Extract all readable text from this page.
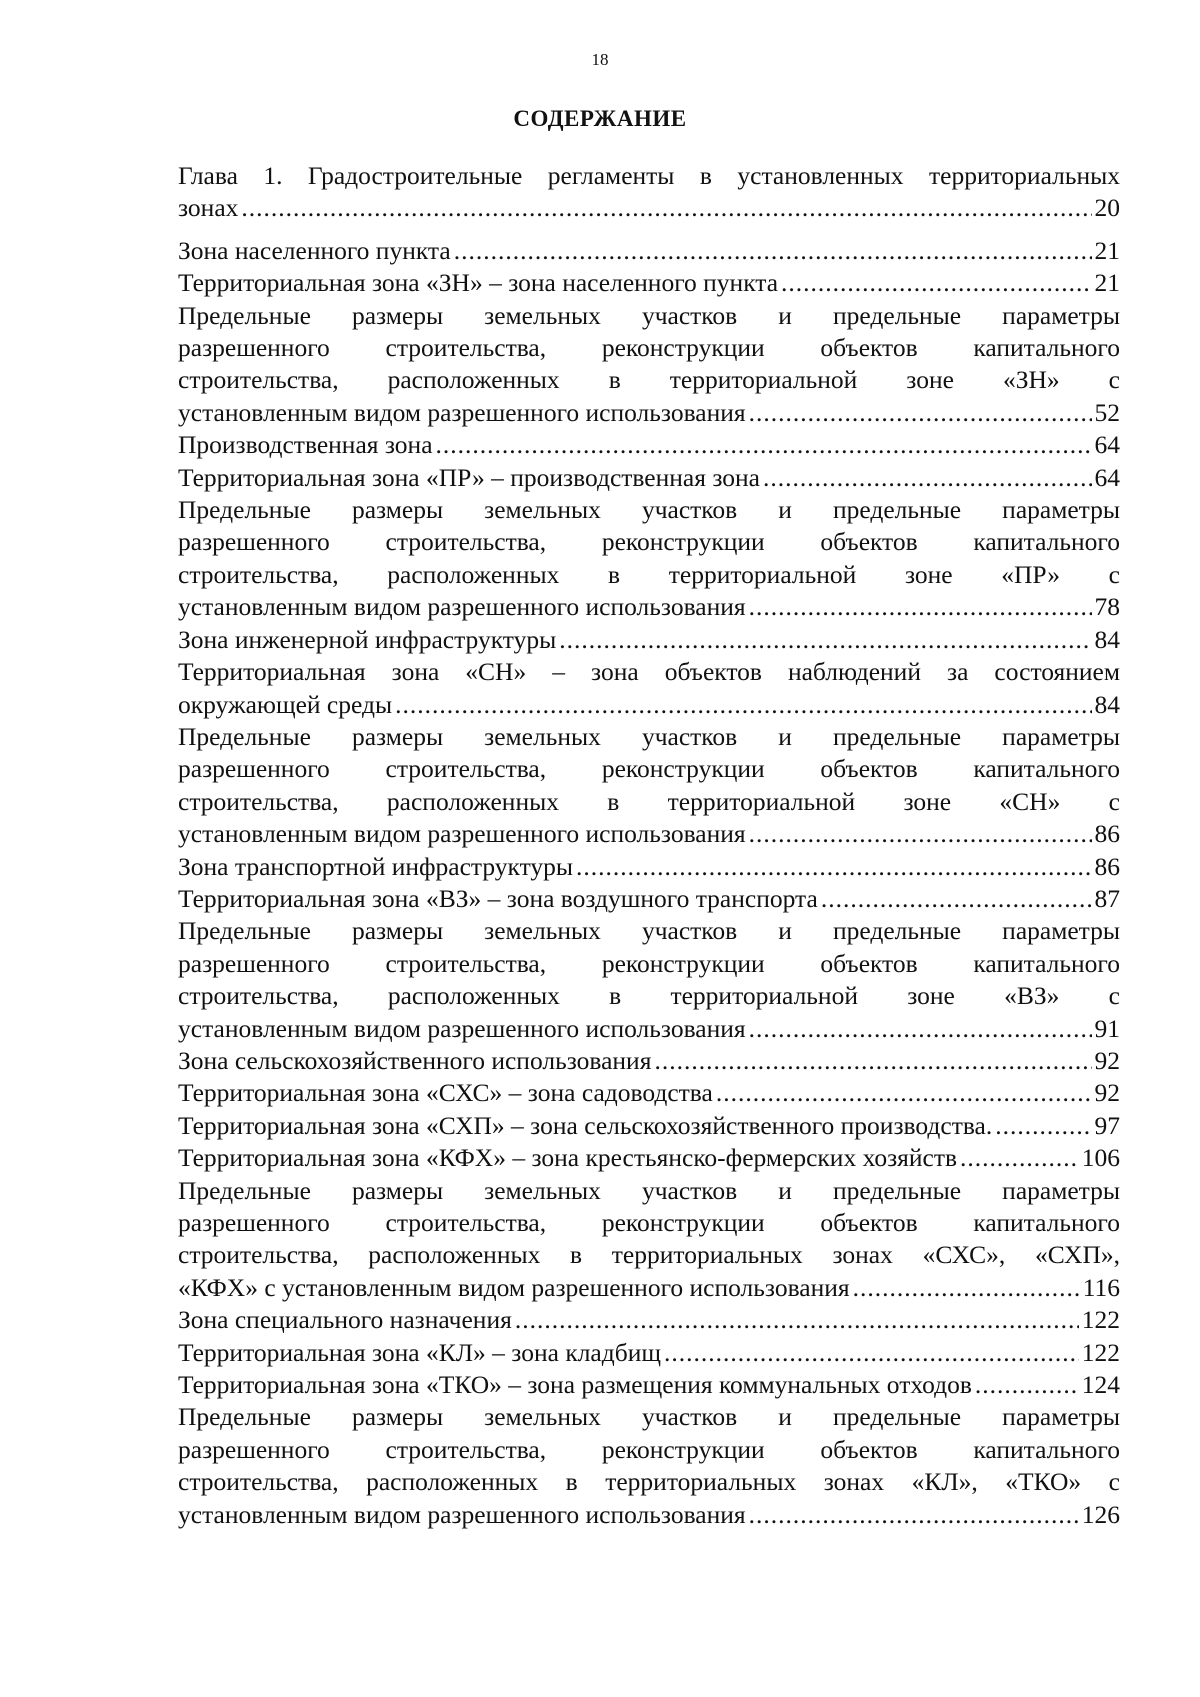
18
СОДЕРЖАНИЕ
Глава 1. Градостроительные регламенты в установленных территориальных
зонах .....	20
Зона населенного пункта .....	21
Территориальная зона «ЗН» – зона населенного пункта .....	21
Предельные размеры земельных участков и предельные параметры
разрешенного строительства, реконструкции объектов капитального
строительства, расположенных в территориальной зоне «ЗН» с
установленным видом разрешенного использования .....	52
Производственная зона .....	64
Территориальная зона «ПР» – производственная зона .....	64
Предельные размеры земельных участков и предельные параметры
разрешенного строительства, реконструкции объектов капитального
строительства, расположенных в территориальной зоне «ПР» с
установленным видом разрешенного использования .....	78
Зона инженерной инфраструктуры .....	84
Территориальная зона «СН» – зона объектов наблюдений за состоянием
окружающей среды .....	84
Предельные размеры земельных участков и предельные параметры
разрешенного строительства, реконструкции объектов капитального
строительства, расположенных в территориальной зоне «СН» с
установленным видом разрешенного использования .....	86
Зона транспортной инфраструктуры .....	86
Территориальная зона «ВЗ» – зона воздушного транспорта .....	87
Предельные размеры земельных участков и предельные параметры
разрешенного строительства, реконструкции объектов капитального
строительства, расположенных в территориальной зоне «ВЗ» с
установленным видом разрешенного использования .....	91
Зона сельскохозяйственного использования .....	92
Территориальная зона «СХС» – зона садоводства .....	92
Территориальная зона «СХП» – зона сельскохозяйственного производства. .....	97
Территориальная зона «КФХ» – зона крестьянско-фермерских хозяйств .....	106
Предельные размеры земельных участков и предельные параметры
разрешенного строительства, реконструкции объектов капитального
строительства, расположенных в территориальных зонах «СХС», «СХП»,
«КФХ» с установленным видом разрешенного использования .....	116
Зона специального назначения .....	122
Территориальная зона «КЛ» – зона кладбищ .....	122
Территориальная зона «ТКО» – зона размещения коммунальных отходов .....	124
Предельные размеры земельных участков и предельные параметры
разрешенного строительства, реконструкции объектов капитального
строительства, расположенных в территориальных зонах «КЛ», «ТКО» с
установленным видом разрешенного использования .....	126
